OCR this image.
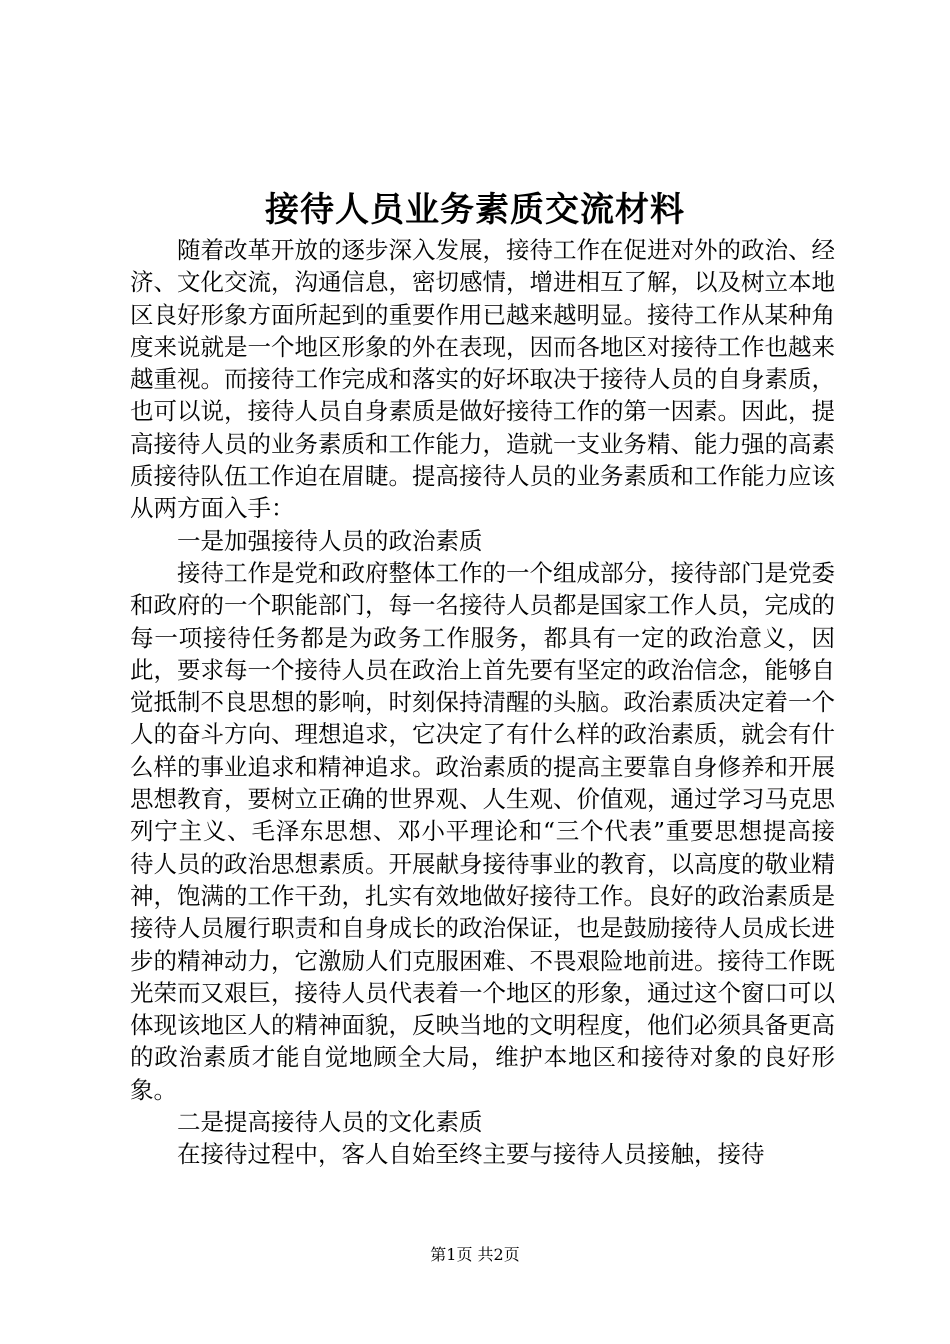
接待人员业务素质交流材料

随着改革开放的逐步深入发展，接待工作在促进对外的政治、经济、文化交流，沟通信息，密切感情，增进相互了解，以及树立本地区良好形象方面所起到的重要作用已越来越明显。接待工作从某种角度来说就是一个地区形象的外在表现，因而各地区对接待工作也越来越重视。而接待工作完成和落实的好坏取决于接待人员的自身素质，也可以说，接待人员自身素质是做好接待工作的第一因素。因此，提高接待人员的业务素质和工作能力，造就一支业务精、能力强的高素质接待队伍工作迫在眉睫。提高接待人员的业务素质和工作能力应该从两方面入手：

一是加强接待人员的政治素质

接待工作是党和政府整体工作的一个组成部分，接待部门是党委和政府的一个职能部门，每一名接待人员都是国家工作人员，完成的每一项接待任务都是为政务工作服务，都具有一定的政治意义，因此，要求每一个接待人员在政治上首先要有坚定的政治信念，能够自觉抵制不良思想的影响，时刻保持清醒的头脑。政治素质决定着一个人的奋斗方向、理想追求，它决定了有什么样的政治素质，就会有什么样的事业追求和精神追求。政治素质的提高主要靠自身修养和开展思想教育，要树立正确的世界观、人生观、价值观，通过学习马克思列宁主义、毛泽东思想、邓小平理论和“三个代表”重要思想提高接待人员的政治思想素质。开展献身接待事业的教育，以高度的敬业精神，饱满的工作干劲，扎实有效地做好接待工作。良好的政治素质是接待人员履行职责和自身成长的政治保证，也是鼓励接待人员成长进步的精神动力，它激励人们克服困难、不畏艰险地前进。接待工作既光荣而又艰巨，接待人员代表着一个地区的形象，通过这个窗口可以体现该地区人的精神面貌，反映当地的文明程度，他们必须具备更高的政治素质才能自觉地顾全大局，维护本地区和接待对象的良好形象。

二是提高接待人员的文化素质

在接待过程中，客人自始至终主要与接待人员接触，接待

第1页 共2页
